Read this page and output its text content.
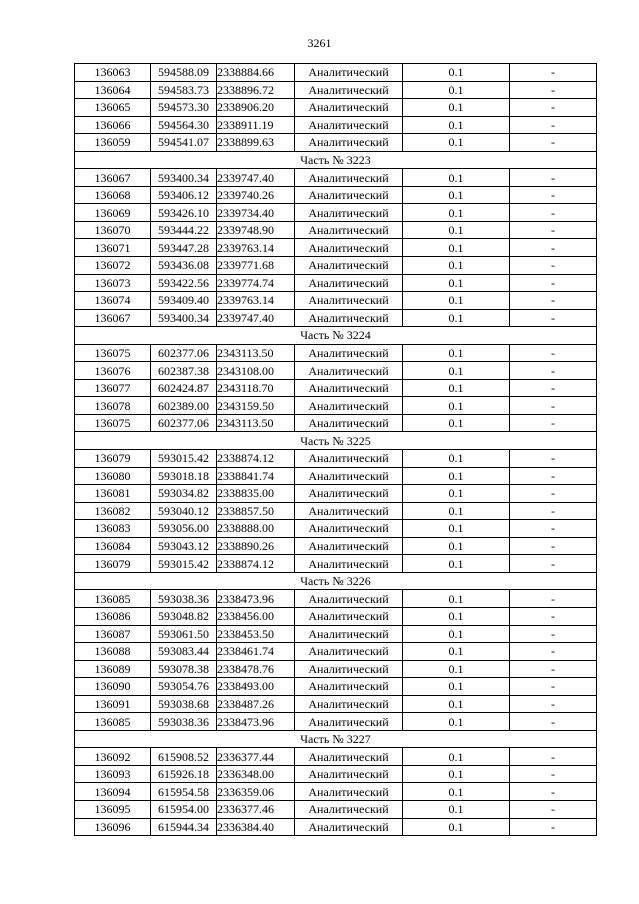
3261
136063	594588.09	2338884.66	Аналитический	0.1	-
136064	594583.73	2338896.72	Аналитический	0.1	-
136065	594573.30	2338906.20	Аналитический	0.1	-
136066	594564.30	2338911.19	Аналитический	0.1	-
136059	594541.07	2338899.63	Аналитический	0.1	-
Часть № 3223					
136067	593400.34	2339747.40	Аналитический	0.1	-
136068	593406.12	2339740.26	Аналитический	0.1	-
136069	593426.10	2339734.40	Аналитический	0.1	-
136070	593444.22	2339748.90	Аналитический	0.1	-
136071	593447.28	2339763.14	Аналитический	0.1	-
136072	593436.08	2339771.68	Аналитический	0.1	-
136073	593422.56	2339774.74	Аналитический	0.1	-
136074	593409.40	2339763.14	Аналитический	0.1	-
136067	593400.34	2339747.40	Аналитический	0.1	-
Часть № 3224					
136075	602377.06	2343113.50	Аналитический	0.1	-
136076	602387.38	2343108.00	Аналитический	0.1	-
136077	602424.87	2343118.70	Аналитический	0.1	-
136078	602389.00	2343159.50	Аналитический	0.1	-
136075	602377.06	2343113.50	Аналитический	0.1	-
Часть № 3225					
136079	593015.42	2338874.12	Аналитический	0.1	-
136080	593018.18	2338841.74	Аналитический	0.1	-
136081	593034.82	2338835.00	Аналитический	0.1	-
136082	593040.12	2338857.50	Аналитический	0.1	-
136083	593056.00	2338888.00	Аналитический	0.1	-
136084	593043.12	2338890.26	Аналитический	0.1	-
136079	593015.42	2338874.12	Аналитический	0.1	-
Часть № 3226					
136085	593038.36	2338473.96	Аналитический	0.1	-
136086	593048.82	2338456.00	Аналитический	0.1	-
136087	593061.50	2338453.50	Аналитический	0.1	-
136088	593083.44	2338461.74	Аналитический	0.1	-
136089	593078.38	2338478.76	Аналитический	0.1	-
136090	593054.76	2338493.00	Аналитический	0.1	-
136091	593038.68	2338487.26	Аналитический	0.1	-
136085	593038.36	2338473.96	Аналитический	0.1	-
Часть № 3227					
136092	615908.52	2336377.44	Аналитический	0.1	-
136093	615926.18	2336348.00	Аналитический	0.1	-
136094	615954.58	2336359.06	Аналитический	0.1	-
136095	615954.00	2336377.46	Аналитический	0.1	-
136096	615944.34	2336384.40	Аналитический	0.1	-
